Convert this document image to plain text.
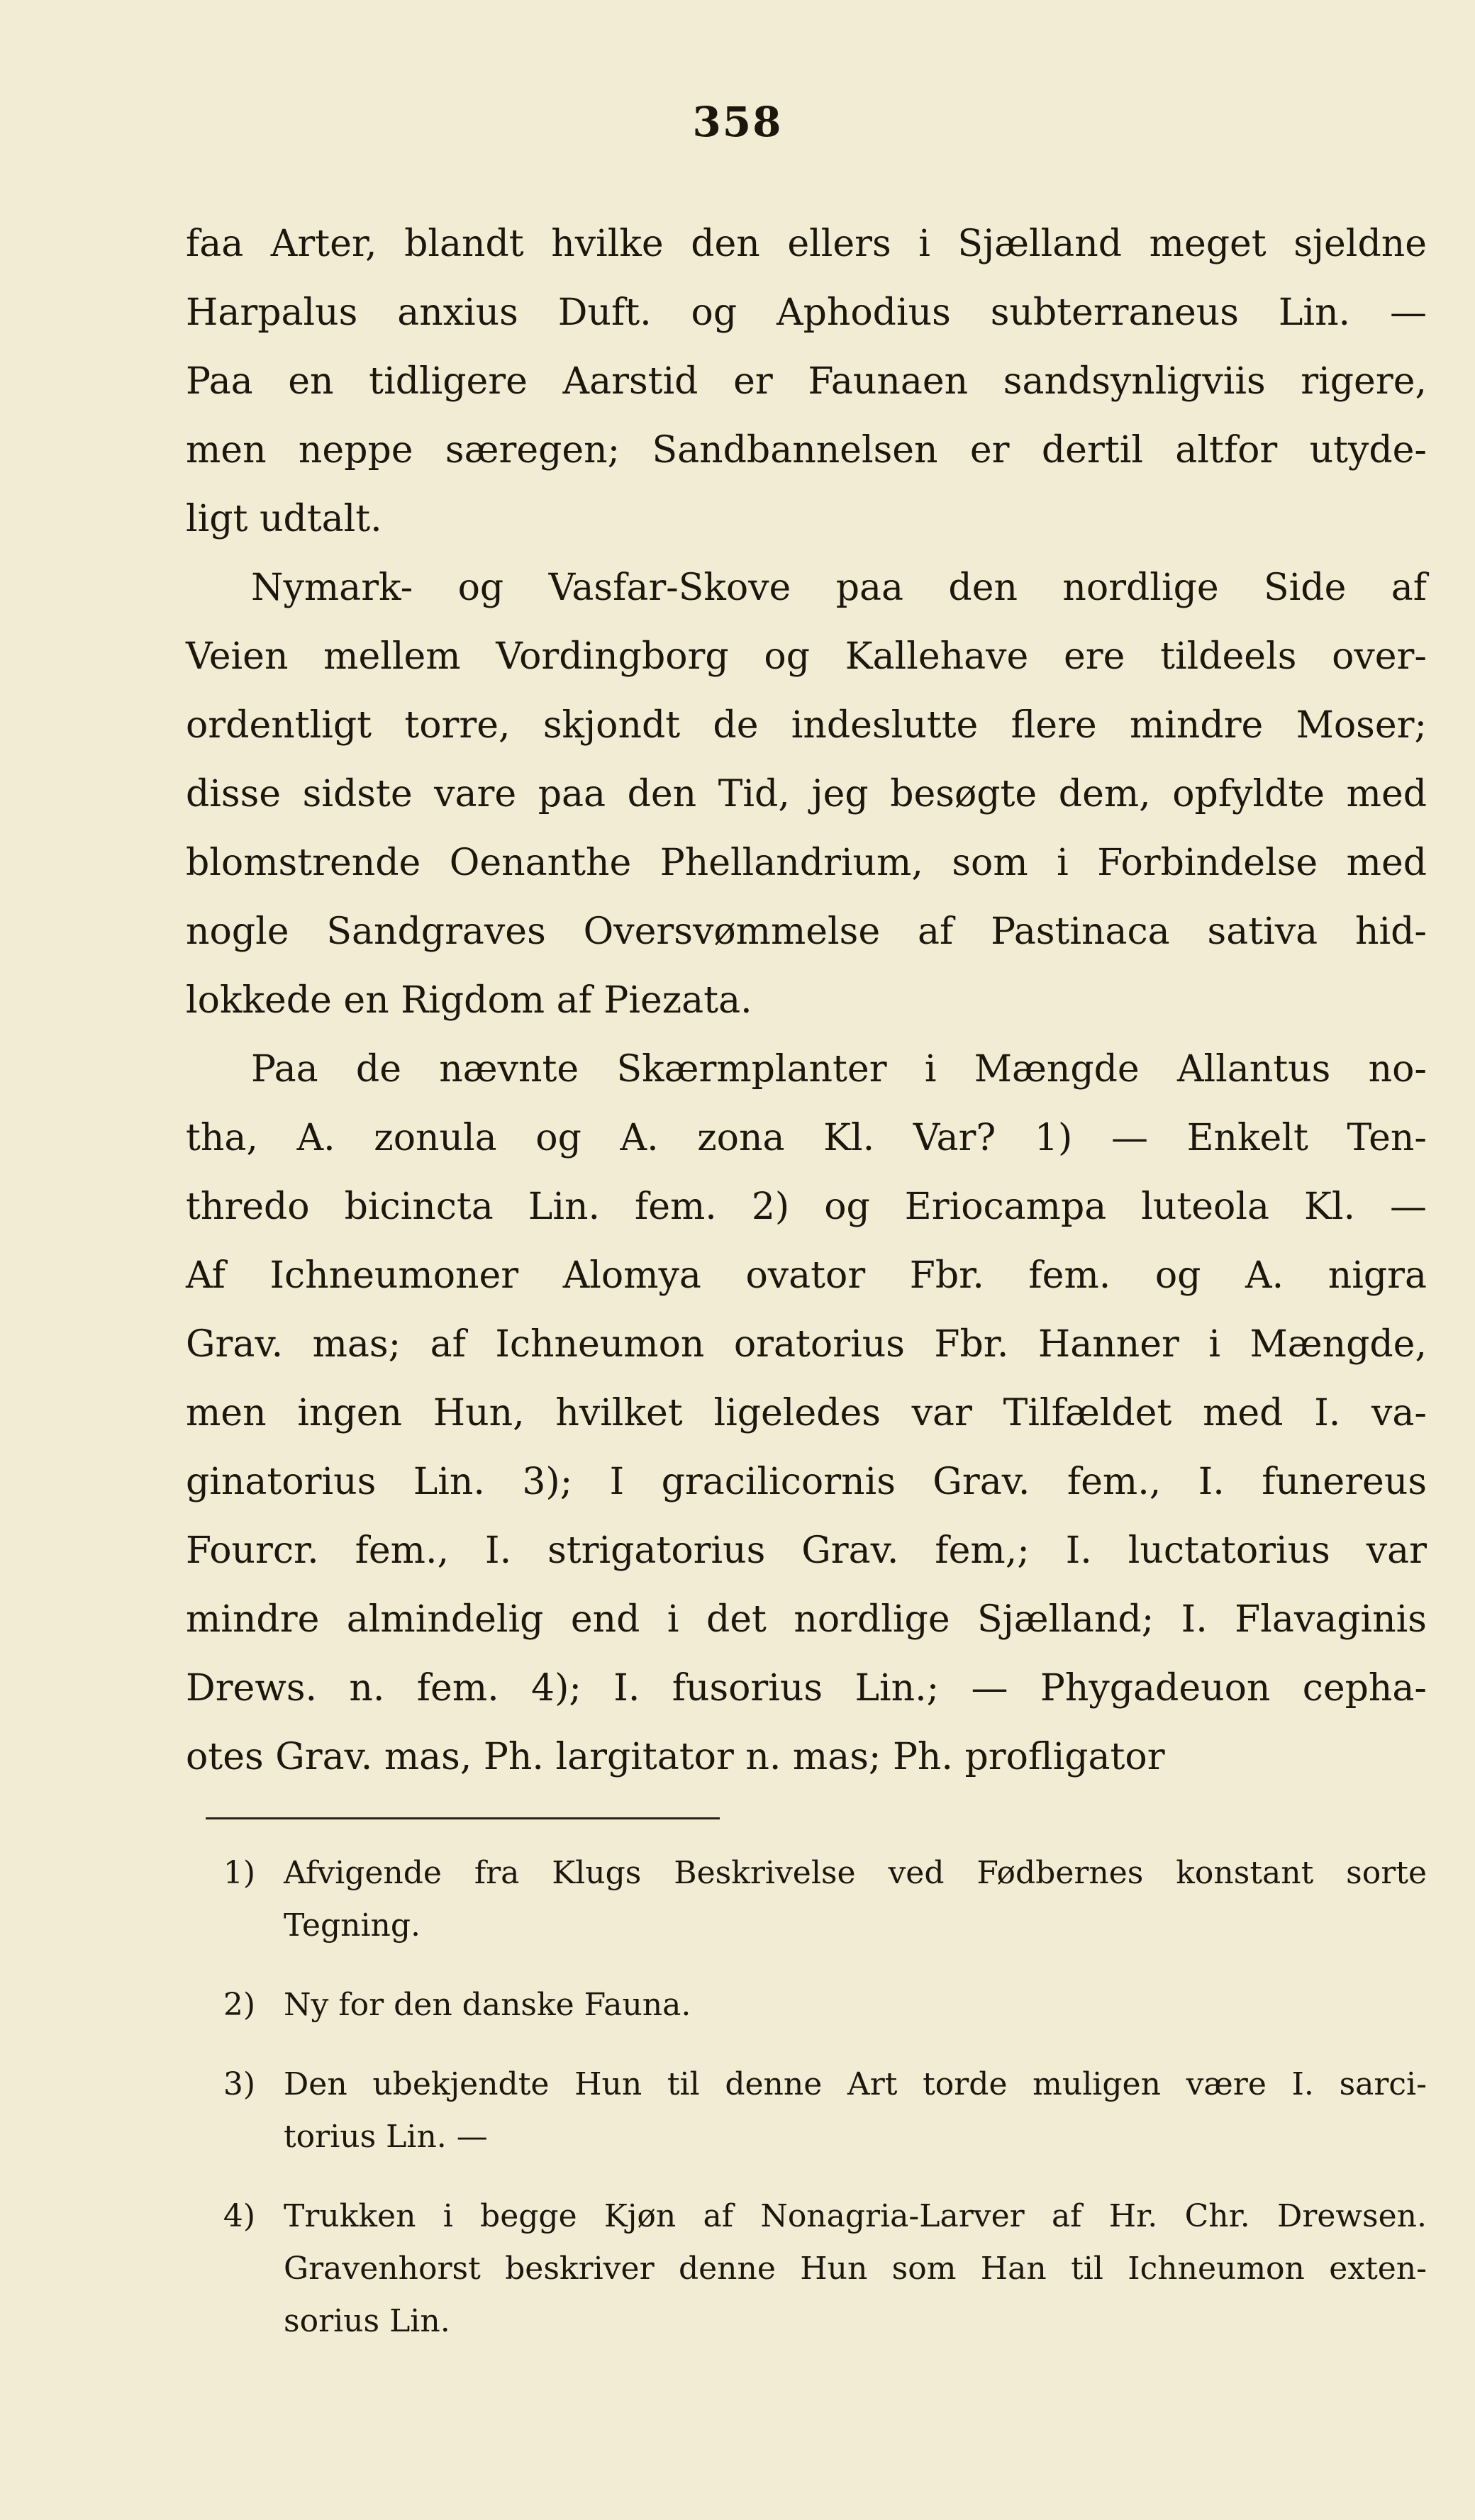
358
faa Arter, blandt hvilke den ellers i Sjælland meget sjeldne
Harpalus anxius Duft. og Aphodius subterraneus Lin. —
Paa en tidligere Aarstid er Faunaen sandsynligviis rigere,
men neppe særegen; Sandbannelsen er dertil altfor utyde-
ligt udtalt.
Nymark- og Vasfar-Skove paa den nordlige Side af
Veien mellem Vordingborg og Kallehave ere tildeels over-
ordentligt torre, skjondt de indeslutte flere mindre Moser;
disse sidste vare paa den Tid, jeg besøgte dem, opfyldte med
blomstrende Oenanthe Phellandrium, som i Forbindelse med
nogle Sandgraves Oversvømmelse af Pastinaca sativa hid-
lokkede en Rigdom af Piezata.
Paa de nævnte Skærmplanter i Mængde Allantus no-
tha, A. zonula og A. zona Kl. Var? 1) — Enkelt Ten-
thredo bicincta Lin. fem. 2) og Eriocampa luteola Kl. —
Af Ichneumoner Alomya ovator Fbr. fem. og A. nigra
Grav. mas; af Ichneumon oratorius Fbr. Hanner i Mængde,
men ingen Hun, hvilket ligeledes var Tilfældet med I. va-
ginatorius Lin. 3); I gracilicornis Grav. fem., I. funereus
Fourcr. fem., I. strigatorius Grav. fem,; I. luctatorius var
mindre almindelig end i det nordlige Sjælland; I. Flavaginis
Drews. n. fem. 4); I. fusorius Lin.; — Phygadeuon cepha-
otes Grav. mas, Ph. largitator n. mas; Ph. profligator
1) Afvigende fra Klugs Beskrivelse ved Fødbernes konstant sorte
Tegning.
2) Ny for den danske Fauna.
3) Den ubekjendte Hun til denne Art torde muligen være I. sarci-
torius Lin. —
4) Trukken i begge Kjøn af Nonagria-Larver af Hr. Chr. Drewsen.
Gravenhorst beskriver denne Hun som Han til Ichneumon exten-
sorius Lin.
